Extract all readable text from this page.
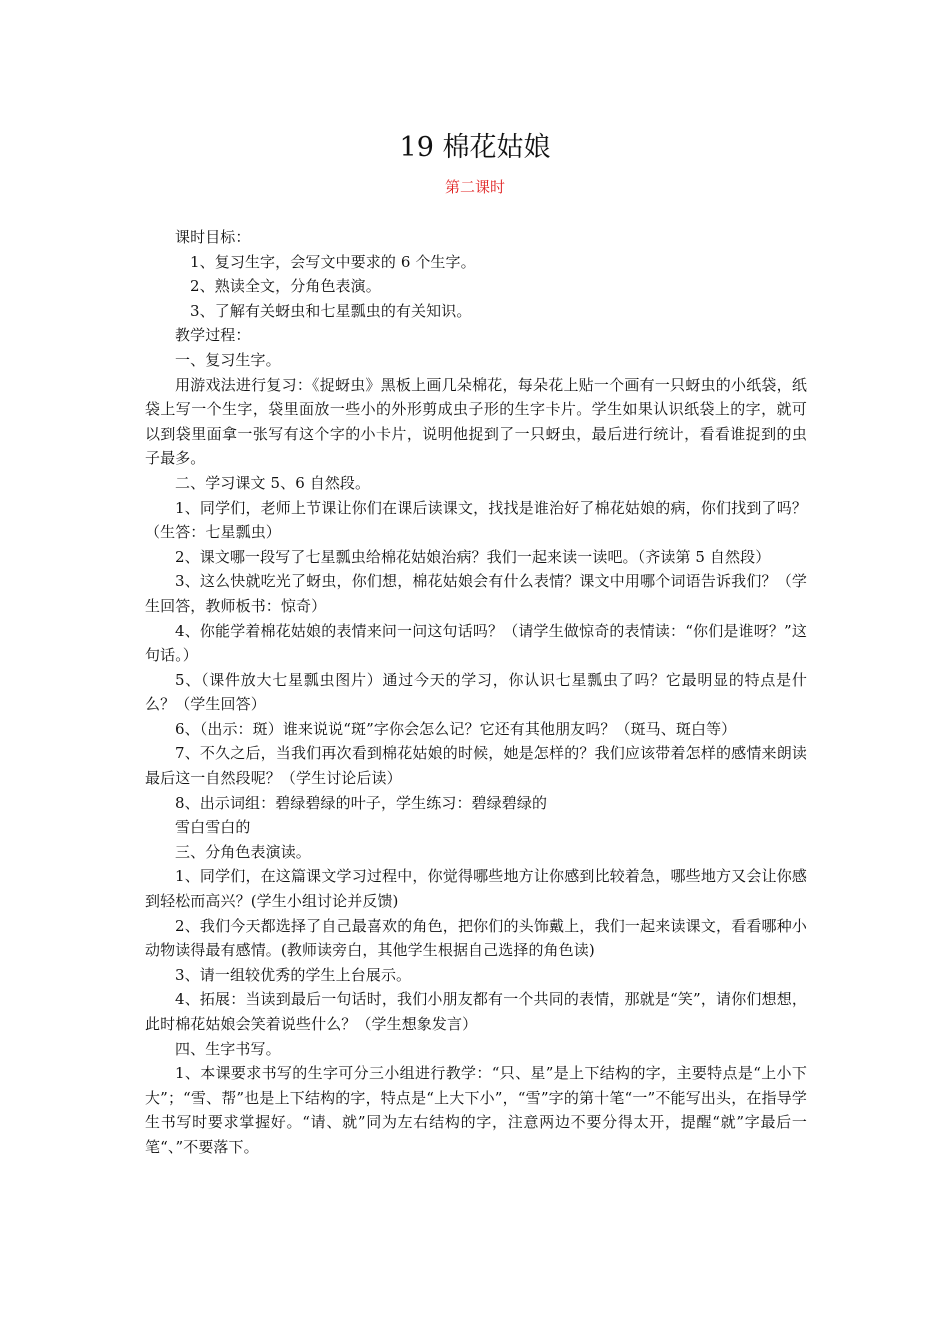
19 棉花姑娘
第二课时

课时目标：

1、复习生字，会写文中要求的 6 个生字。

2、熟读全文，分角色表演。

3、了解有关蚜虫和七星瓢虫的有关知识。

教学过程：

一、复习生字。

用游戏法进行复习：《捉蚜虫》黑板上画几朵棉花，每朵花上贴一个画有一只蚜虫的小纸袋，纸袋上写一个生字，袋里面放一些小的外形剪成虫子形的生字卡片。学生如果认识纸袋上的字，就可以到袋里面拿一张写有这个字的小卡片，说明他捉到了一只蚜虫，最后进行统计，看看谁捉到的虫子最多。

二、学习课文 5、6 自然段。

1、同学们，老师上节课让你们在课后读课文，找找是谁治好了棉花姑娘的病，你们找到了吗？（生答：七星瓢虫）

2、课文哪一段写了七星瓢虫给棉花姑娘治病？我们一起来读一读吧。（齐读第 5 自然段）

3、这么快就吃光了蚜虫，你们想，棉花姑娘会有什么表情？课文中用哪个词语告诉我们？（学生回答，教师板书：惊奇）

4、你能学着棉花姑娘的表情来问一问这句话吗？（请学生做惊奇的表情读：“你们是谁呀？”这句话。）

5、（课件放大七星瓢虫图片）通过今天的学习，你认识七星瓢虫了吗？它最明显的特点是什么？（学生回答）

6、（出示：斑）谁来说说“斑”字你会怎么记？它还有其他朋友吗？（斑马、斑白等）

7、不久之后，当我们再次看到棉花姑娘的时候，她是怎样的？我们应该带着怎样的感情来朗读最后这一自然段呢？（学生讨论后读）

8、出示词组：碧绿碧绿的叶子，学生练习：碧绿碧绿的

雪白雪白的

三、分角色表演读。

1、同学们，在这篇课文学习过程中，你觉得哪些地方让你感到比较着急，哪些地方又会让你感到轻松而高兴？(学生小组讨论并反馈)

2、我们今天都选择了自己最喜欢的角色，把你们的头饰戴上，我们一起来读课文，看看哪种小动物读得最有感情。(教师读旁白，其他学生根据自己选择的角色读)

3、请一组较优秀的学生上台展示。

4、拓展：当读到最后一句话时，我们小朋友都有一个共同的表情，那就是“笑”，请你们想想，此时棉花姑娘会笑着说些什么？（学生想象发言）

四、生字书写。

1、本课要求书写的生字可分三小组进行教学：“只、星”是上下结构的字，主要特点是“上小下大”；“雪、帮”也是上下结构的字，特点是“上大下小”，“雪”字的第十笔“一”不能写出头，在指导学生书写时要求掌握好。“请、就”同为左右结构的字，注意两边不要分得太开，提醒“就”字最后一笔“、”不要落下。
